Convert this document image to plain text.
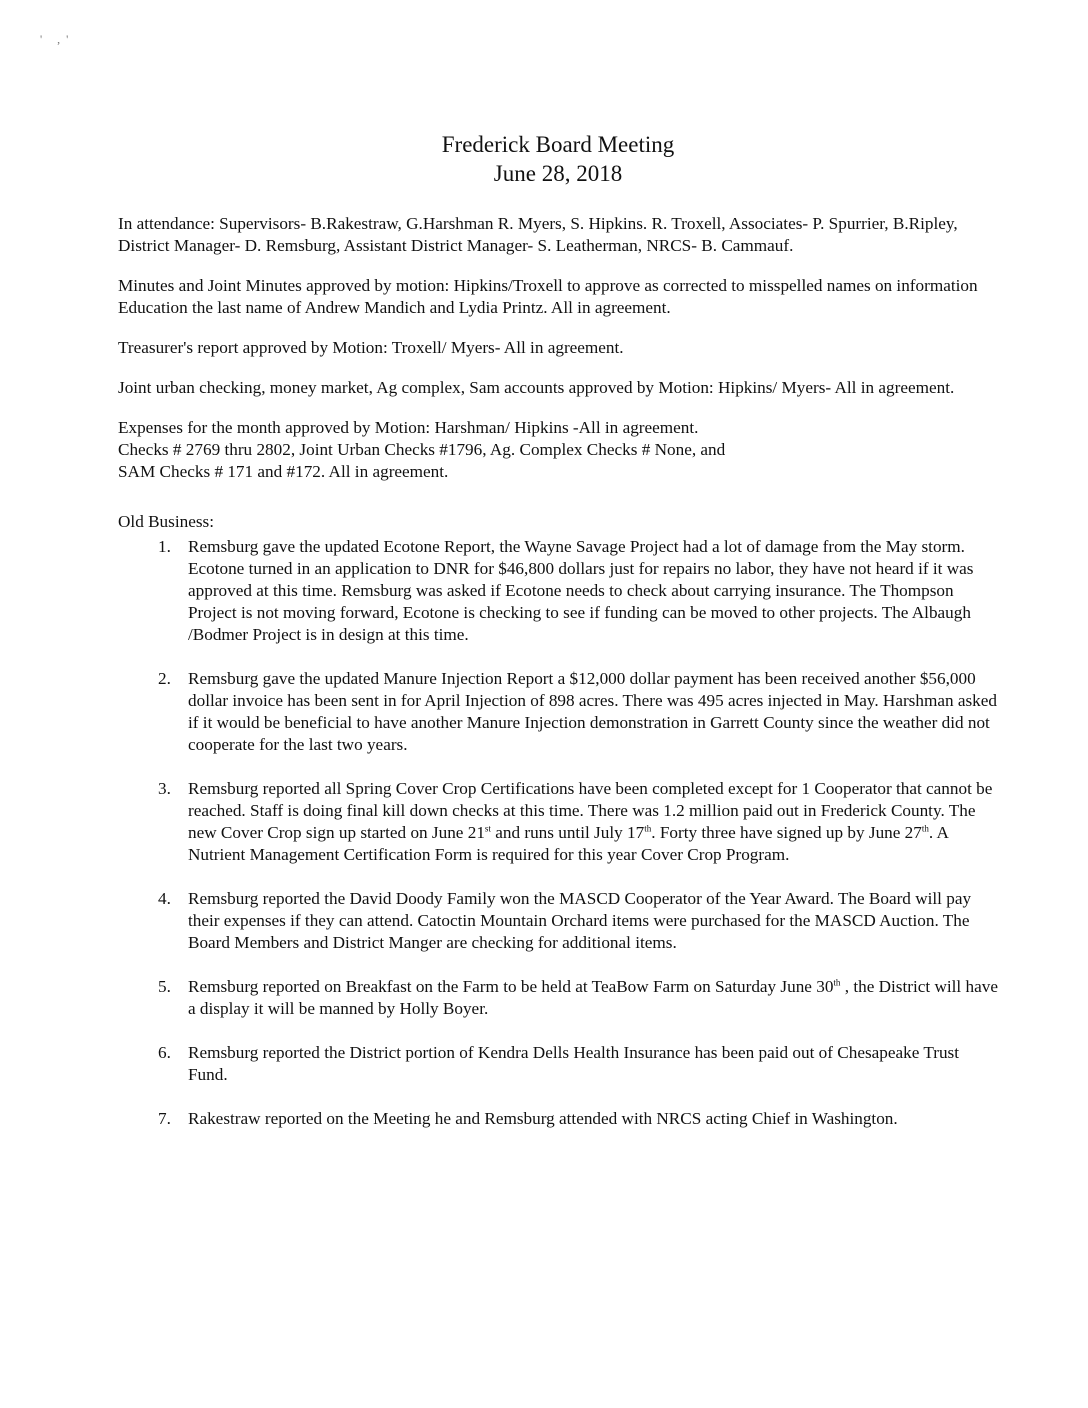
' ,'
Frederick Board Meeting
June 28, 2018

In attendance: Supervisors- B.Rakestraw, G.Harshman R. Myers, S. Hipkins. R. Troxell, Associates- P. Spurrier, B.Ripley, District Manager- D. Remsburg, Assistant District Manager- S. Leatherman, NRCS- B. Cammauf.

Minutes and Joint Minutes approved by motion: Hipkins/Troxell to approve as corrected to misspelled names on information Education the last name of Andrew Mandich and Lydia Printz. All in agreement.

Treasurer's report approved by Motion: Troxell/ Myers- All in agreement.

Joint urban checking, money market, Ag complex, Sam accounts approved by Motion: Hipkins/ Myers- All in agreement.

Expenses for the month approved by Motion: Harshman/ Hipkins -All in agreement.

Checks # 2769 thru 2802, Joint Urban Checks #1796, Ag. Complex Checks # None, and

SAM Checks # 171 and #172. All in agreement.

Old Business:

1. Remsburg gave the updated Ecotone Report, the Wayne Savage Project had a lot of damage from the May storm. Ecotone turned in an application to DNR for $46,800 dollars just for repairs no labor, they have not heard if it was approved at this time. Remsburg was asked if Ecotone needs to check about carrying insurance. The Thompson Project is not moving forward, Ecotone is checking to see if funding can be moved to other projects. The Albaugh /Bodmer Project is in design at this time.
2. Remsburg gave the updated Manure Injection Report a $12,000 dollar payment has been received another $56,000 dollar invoice has been sent in for April Injection of 898 acres. There was 495 acres injected in May. Harshman asked if it would be beneficial to have another Manure Injection demonstration in Garrett County since the weather did not cooperate for the last two years.
3. Remsburg reported all Spring Cover Crop Certifications have been completed except for 1 Cooperator that cannot be reached. Staff is doing final kill down checks at this time. There was 1.2 million paid out in Frederick County. The new Cover Crop sign up started on June 21st and runs until July 17th. Forty three have signed up by June 27th. A Nutrient Management Certification Form is required for this year Cover Crop Program.
4. Remsburg reported the David Doody Family won the MASCD Cooperator of the Year Award. The Board will pay their expenses if they can attend. Catoctin Mountain Orchard items were purchased for the MASCD Auction. The Board Members and District Manger are checking for additional items.
5. Remsburg reported on Breakfast on the Farm to be held at TeaBow Farm on Saturday June 30th , the District will have a display it will be manned by Holly Boyer.
6. Remsburg reported the District portion of Kendra Dells Health Insurance has been paid out of Chesapeake Trust Fund.
7. Rakestraw reported on the Meeting he and Remsburg attended with NRCS acting Chief in Washington.
